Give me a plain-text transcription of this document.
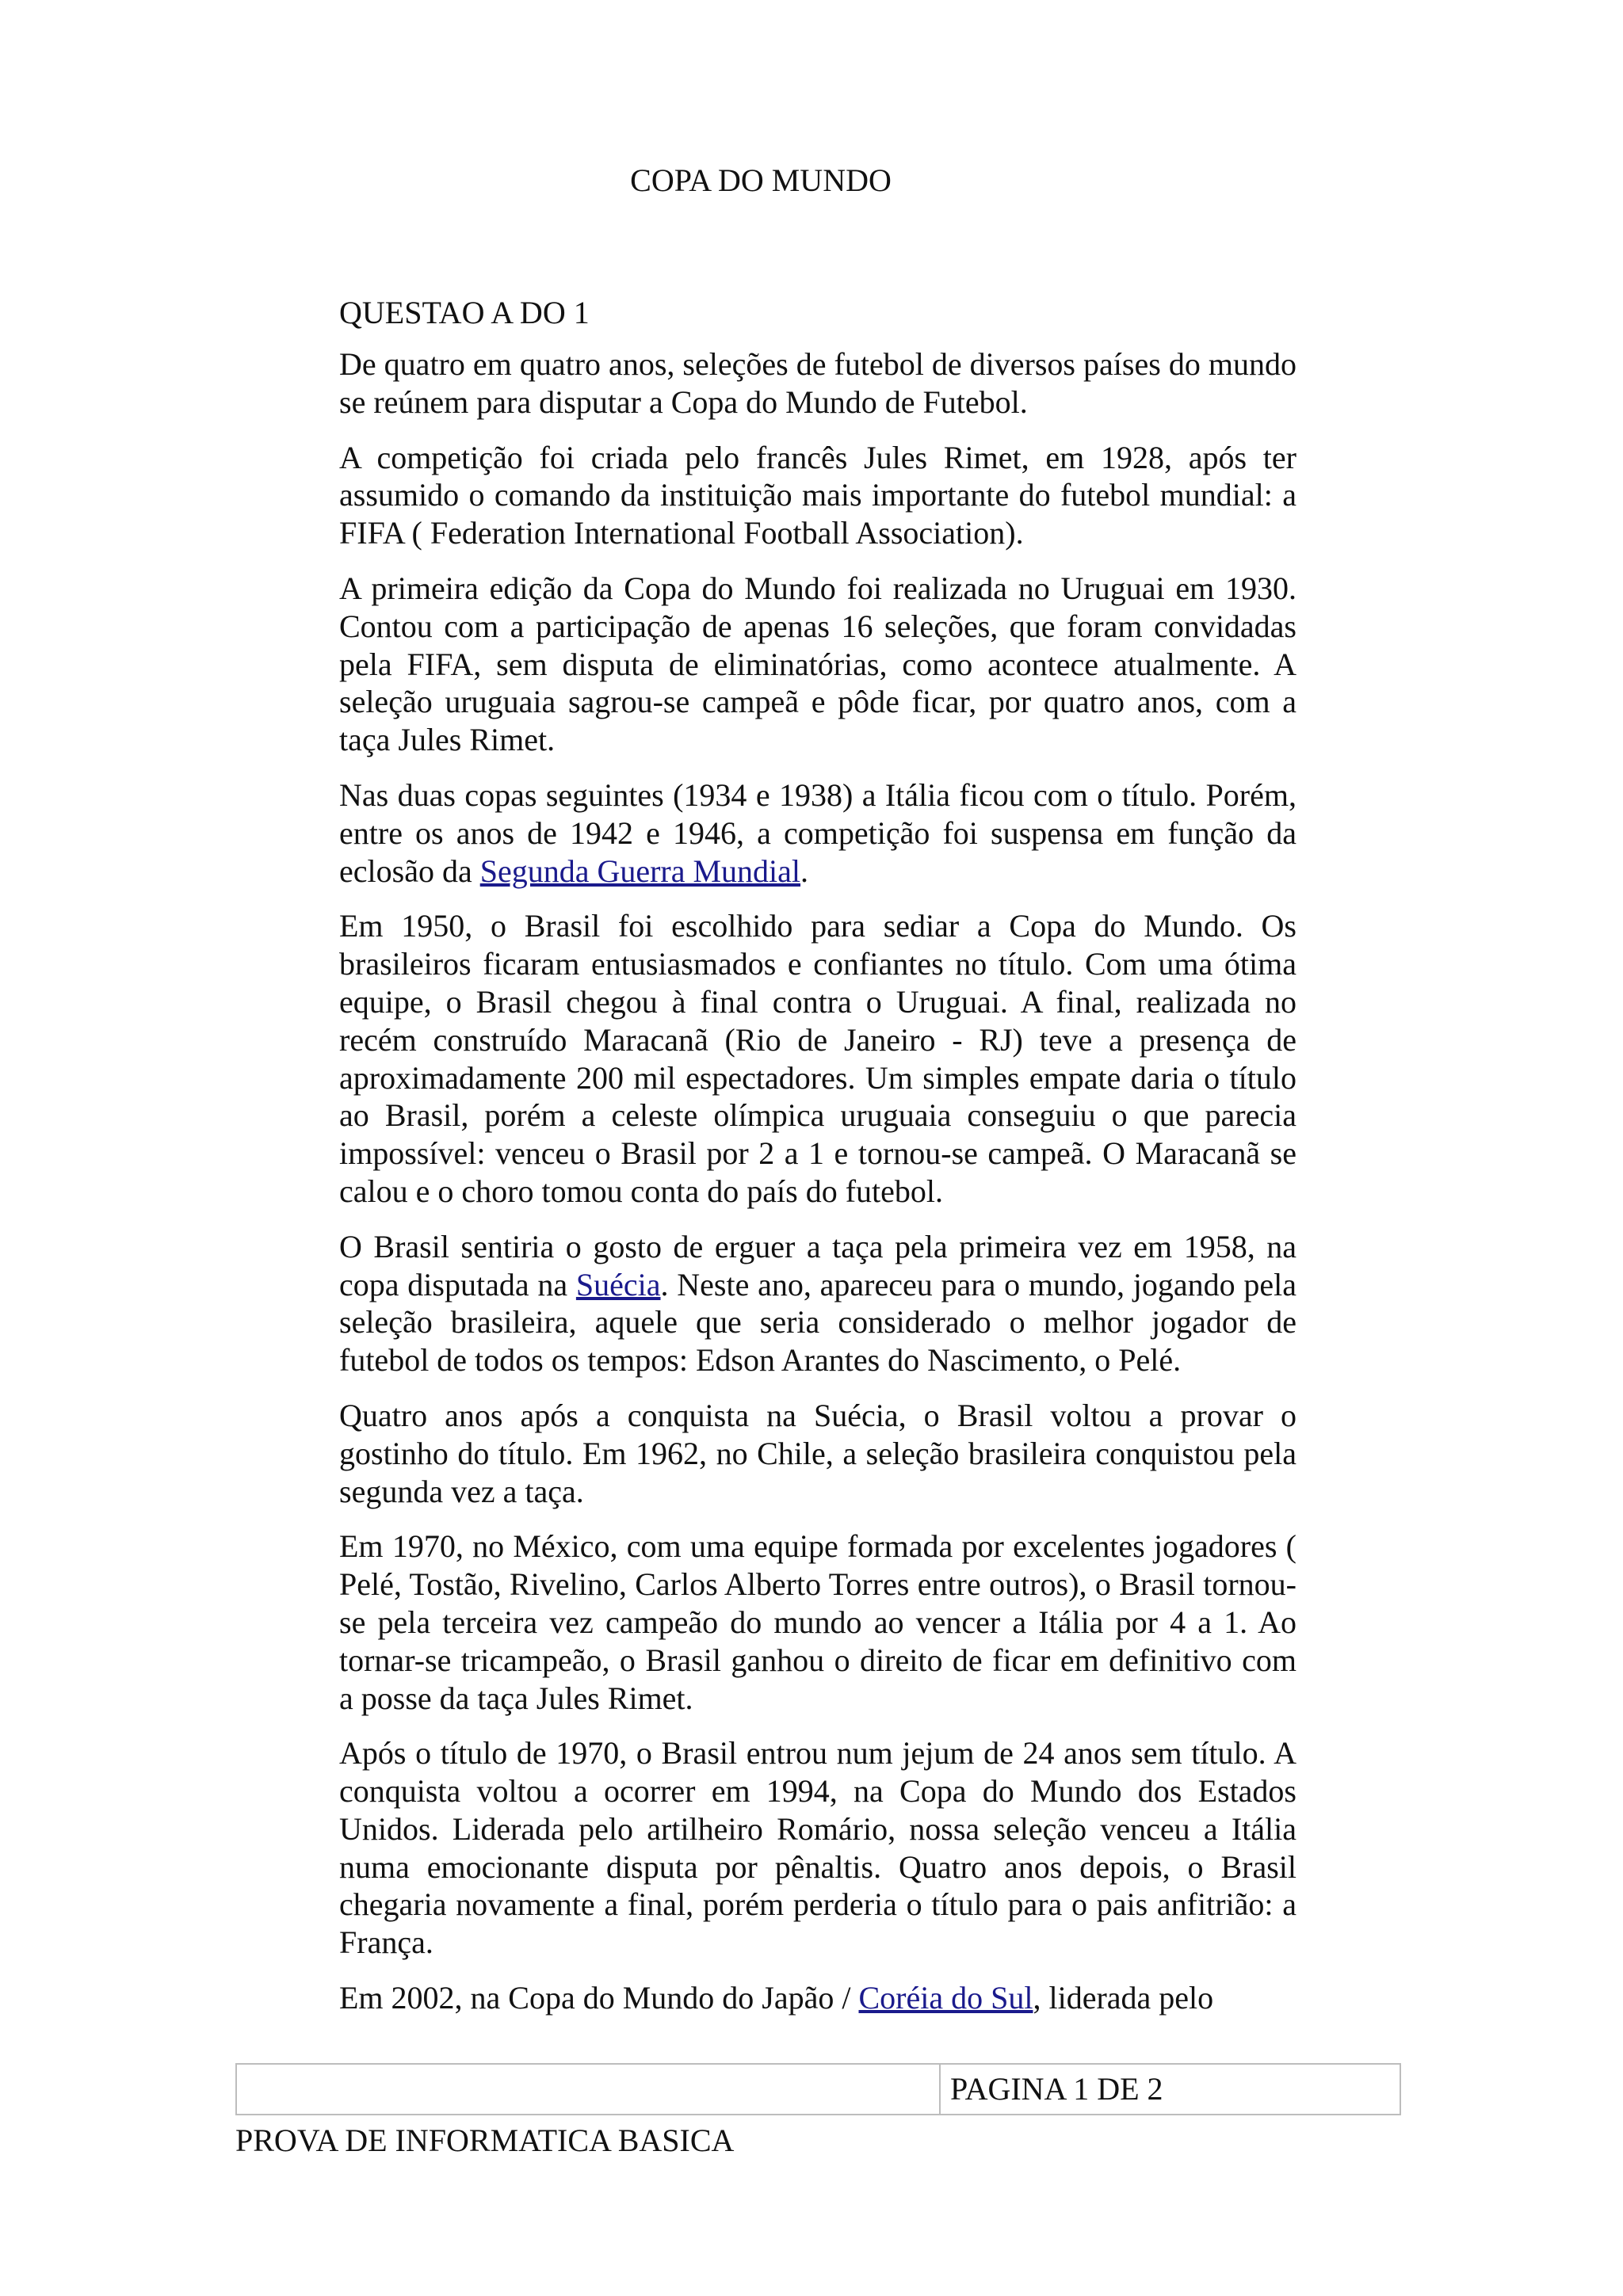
COPA DO MUNDO
QUESTAO A DO 1

De quatro em quatro anos, seleções de futebol de diversos países do mundo se reúnem para disputar a Copa do Mundo de Futebol.

A competição foi criada pelo francês Jules Rimet, em 1928, após ter assumido o comando da instituição mais importante do futebol mundial: a FIFA ( Federation International Football Association).

A primeira edição da Copa do Mundo foi realizada no Uruguai em 1930. Contou com a participação de apenas 16 seleções, que foram convidadas pela FIFA, sem disputa de eliminatórias, como acontece atualmente. A seleção uruguaia sagrou-se campeã e pôde ficar, por quatro anos, com a taça Jules Rimet.

Nas duas copas seguintes (1934 e 1938) a Itália ficou com o título. Porém, entre os anos de 1942 e 1946, a competição foi suspensa em função da eclosão da Segunda Guerra Mundial.

Em 1950, o Brasil foi escolhido para sediar a Copa do Mundo. Os brasileiros ficaram entusiasmados e confiantes no título. Com uma ótima equipe, o Brasil chegou à final contra o Uruguai. A final, realizada no recém construído Maracanã (Rio de Janeiro - RJ) teve a presença de aproximadamente 200 mil espectadores. Um simples empate daria o título ao Brasil, porém a celeste olímpica uruguaia conseguiu o que parecia impossível: venceu o Brasil por 2 a 1 e tornou-se campeã. O Maracanã se calou e o choro tomou conta do país do futebol.

O Brasil sentiria o gosto de erguer a taça pela primeira vez em 1958, na copa disputada na Suécia. Neste ano, apareceu para o mundo, jogando pela seleção brasileira, aquele que seria considerado o melhor jogador de futebol de todos os tempos: Edson Arantes do Nascimento, o Pelé.

Quatro anos após a conquista na Suécia, o Brasil voltou a provar o gostinho do título. Em 1962, no Chile, a seleção brasileira conquistou pela segunda vez a taça.

Em 1970, no México, com uma equipe formada por excelentes jogadores ( Pelé, Tostão, Rivelino, Carlos Alberto Torres entre outros), o Brasil tornou-se pela terceira vez campeão do mundo ao vencer a Itália por 4 a 1. Ao tornar-se tricampeão, o Brasil ganhou o direito de ficar em definitivo com a posse da taça Jules Rimet.

Após o título de 1970, o Brasil entrou num jejum de 24 anos sem título. A conquista voltou a ocorrer em 1994, na Copa do Mundo dos Estados Unidos. Liderada pelo artilheiro Romário, nossa seleção venceu a Itália numa emocionante disputa por pênaltis. Quatro anos depois, o Brasil chegaria novamente a final, porém perderia o título para o pais anfitrião: a França.

Em 2002, na Copa do Mundo do Japão / Coréia do Sul, liderada pelo

PAGINA 1 DE 2
PROVA DE INFORMATICA BASICA
